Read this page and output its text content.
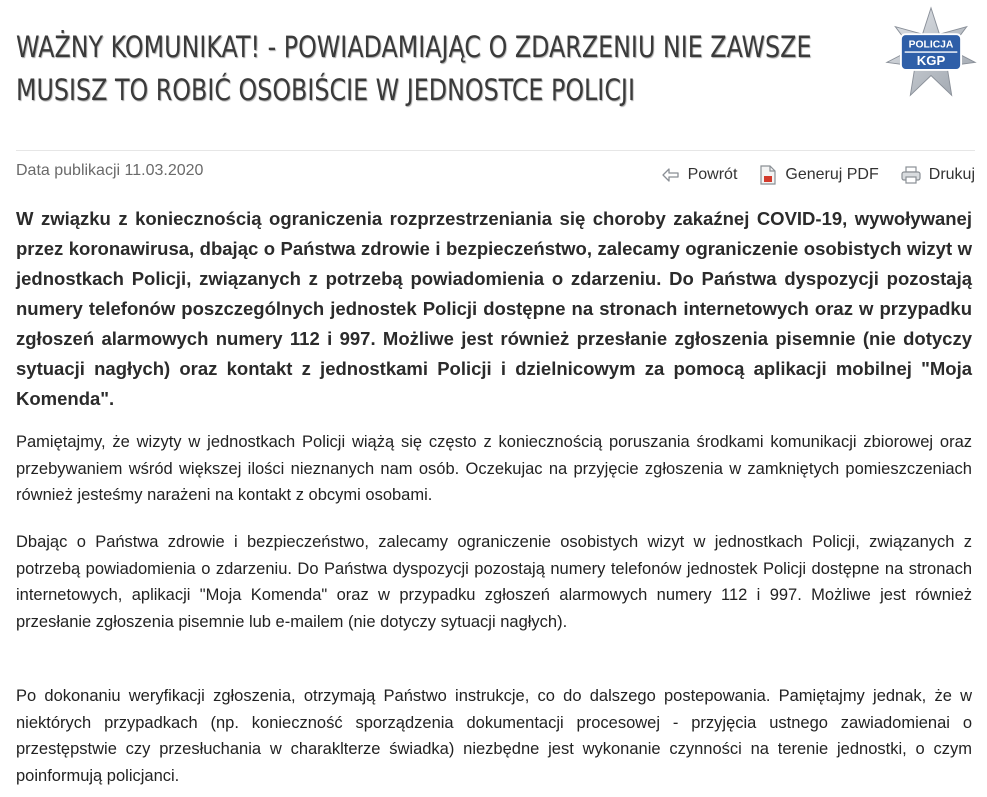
WAŻNY KOMUNIKAT! - POWIADAMIAJĄC O ZDARZENIU NIE ZAWSZE MUSISZ TO ROBIĆ OSOBIŚCIE W JEDNOSTCE POLICJI
POLICJA
KGP
Data publikacji 11.03.2020	Powrót	Generuj PDF	Drukuj

W związku z koniecznością ograniczenia rozprzestrzeniania się choroby zakaźnej COVID-19, wywoływanej przez koronawirusa, dbając o Państwa zdrowie i bezpieczeństwo, zalecamy ograniczenie osobistych wizyt w jednostkach Policji, związanych z potrzebą powiadomienia o zdarzeniu. Do Państwa dyspozycji pozostają numery telefonów poszczególnych jednostek Policji dostępne na stronach internetowych oraz w przypadku zgłoszeń alarmowych numery 112 i 997. Możliwe jest również przesłanie zgłoszenia pisemnie (nie dotyczy sytuacji nagłych) oraz kontakt z jednostkami Policji i dzielnicowym za pomocą aplikacji mobilnej "Moja Komenda".

Pamiętajmy, że wizyty w jednostkach Policji wiążą się często z koniecznością poruszania środkami komunikacji zbiorowej oraz przebywaniem wśród większej ilości nieznanych nam osób. Oczekujac na przyjęcie zgłoszenia w zamkniętych pomieszczeniach również jesteśmy narażeni na kontakt z obcymi osobami.

Dbając o Państwa zdrowie i bezpieczeństwo, zalecamy ograniczenie osobistych wizyt w jednostkach Policji, związanych z potrzebą powiadomienia o zdarzeniu. Do Państwa dyspozycji pozostają numery telefonów jednostek Policji dostępne na stronach internetowych, aplikacji "Moja Komenda" oraz w przypadku zgłoszeń alarmowych numery 112 i 997. Możliwe jest również przesłanie zgłoszenia pisemnie lub e-mailem (nie dotyczy sytuacji nagłych).

Po dokonaniu weryfikacji zgłoszenia, otrzymają Państwo instrukcje, co do dalszego postepowania. Pamiętajmy jednak, że w niektórych przypadkach (np. konieczność sporządzenia dokumentacji procesowej - przyjęcia ustnego zawiadomienai o przestępstwie czy przesłuchania w charaklterze świadka) niezbędne jest wykonanie czynności na terenie jednostki, o czym poinformują policjanci.
